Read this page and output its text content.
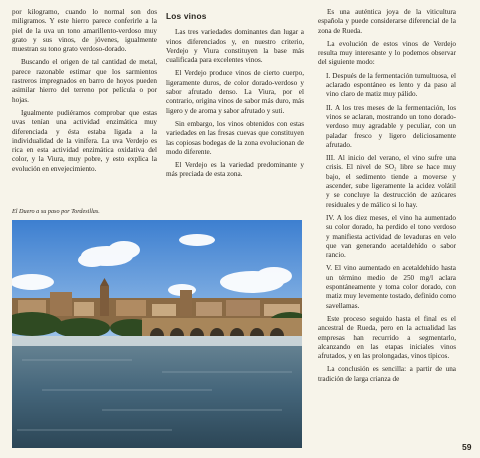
por kilogramo, cuando lo normal son dos miligramos. Y este hierro parece conferirle a la piel de la uva un tono amarillento-verdoso muy grato y sus vinos, de jóvenes, igualmente muestran su tono grato verdoso-dorado.

Buscando el origen de tal cantidad de metal, parece razonable estimar que los sarmientos rastreros impregnados en barro de hoyos pueden asimilar hierro del terreno por película o por hojas.

Igualmente pudiéramos comprobar que estas uvas tenían una actividad enzimática muy diferenciada y ésta estaba ligada a la individualidad de la vinífera. La uva Verdejo es rica en esta actividad enzimática oxidativa del color, y la Viura, muy pobre, y esto explica la evolución en envejecimiento.

El Duero a su paso por Tordesillas.
Los vinos

Las tres variedades dominantes dan lugar a vinos diferenciados y, en nuestro criterio, Verdejo y Viura constituyen la base más cualificada para excelentes vinos.

El Verdejo produce vinos de cierto cuerpo, ligeramente duros, de color dorado-verdoso y sabor afrutado denso. La Viura, por el contrario, origina vinos de sabor más duro, más ligero y de aroma y sabor afrutado y suti.

Sin embargo, los vinos obtenidos con estas variedades en las fresas cuevas que constituyen las copiosas bodegas de la zona evolucionan de modo diferente.

El Verdejo es la variedad predominante y más preciada de esta zona.

Es una auténtica joya de la viticultura española y puede considerarse diferencial de la zona de Rueda.

La evolución de estos vinos de Verdejo resulta muy interesante y lo podemos observar del siguiente modo:

I. Después de la fermentación tumultuosa, el aclarado espontáneo es lento y da paso al vino claro de matiz muy pálido.

II. A los tres meses de la fermentación, los vinos se aclaran, mostrando un tono dorado-verdoso muy agradable y peculiar, con un paladar fresco y ligero deliciosamente afrutado.

III. Al inicio del verano, el vino sufre una crisis. El nivel de SO₂ libre se hace muy bajo, el sedimento tiende a moverse y ascender, sube ligeramente la acidez volátil y se concluye la destrucción de azúcares residuales y de málico si lo hay.

IV. A los diez meses, el vino ha aumentado su color dorado, ha perdido el tono verdoso y manifiesta actividad de levaduras en velo que van generando acetaldehído o sabor rancio.

V. El vino aumentado en acetaldehído hasta un término medio de 250 mg/l aclara espontáneamente y toma color dorado, con matiz muy levemente tostado, definido como savellamas.

Este proceso seguido hasta el final es el ancestral de Rueda, pero en la actualidad las empresas han recurrido a segmentarlo, alcanzando en las etapas iniciales vinos afrutados, y en las prolongadas, vinos típicos.

La conclusión es sencilla: a partir de una tradición de larga crianza de

59
